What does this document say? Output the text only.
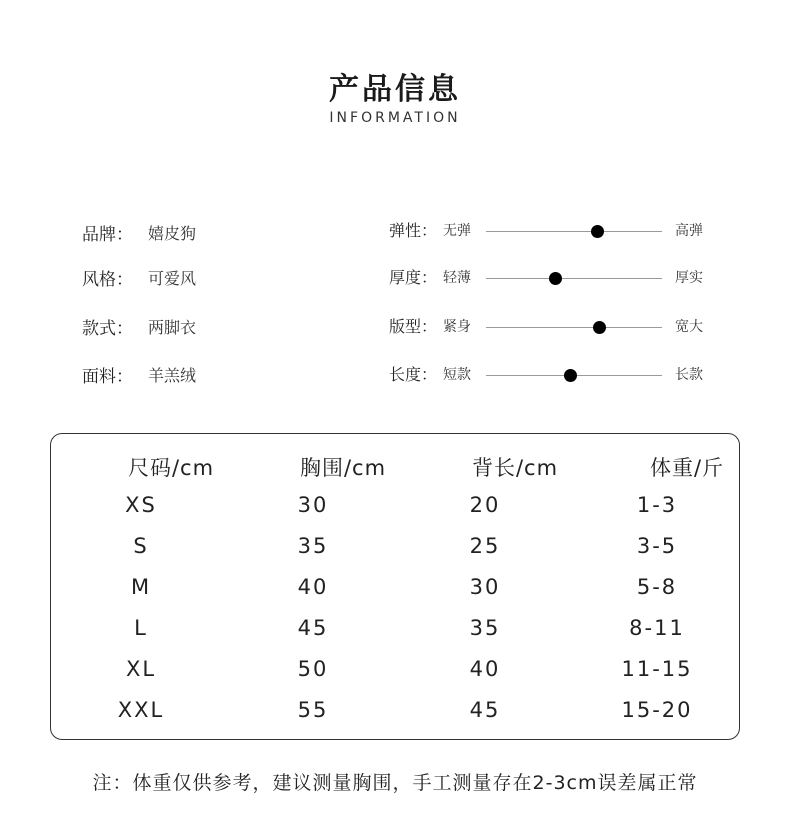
产品信息
INFORMATION
品牌： 嬉皮狗
风格： 可爱风
款式： 两脚衣
面料： 羊羔绒
弹性： 无弹	高弹
厚度： 轻薄	厚实
版型： 紧身	宽大
长度： 短款	长款
尺码/cm	胸围/cm	背长/cm	体重/斤
XS	30	20	1-3
S	35	25	3-5
M	40	30	5-8
L	45	35	8-11
XL	50	40	11-15
XXL	55	45	15-20
注：体重仅供参考，建议测量胸围，手工测量存在2-3cm误差属正常
